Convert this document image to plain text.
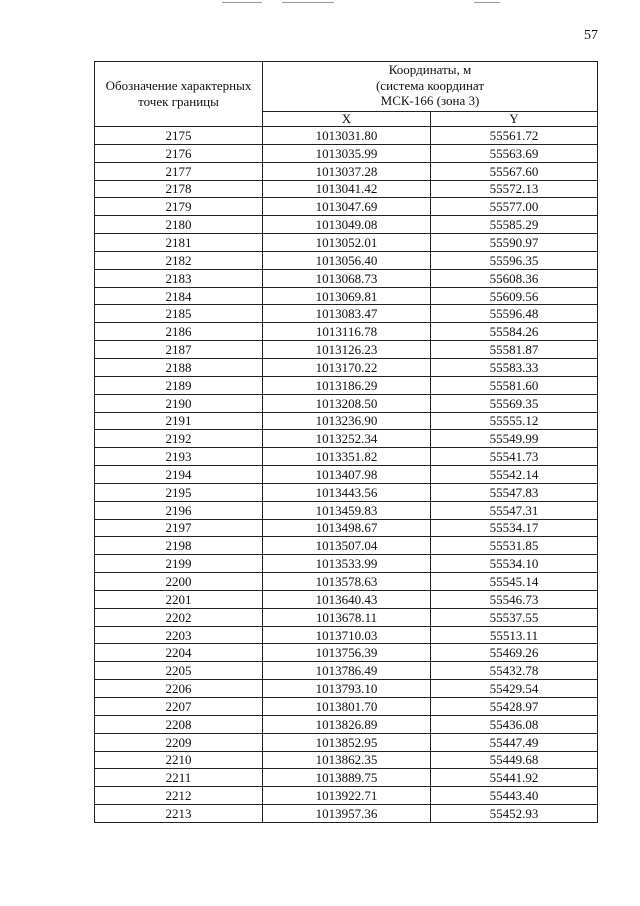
57
Обозначение характерных точек границы	Координаты, м
(система координат
МСК-166 (зона 3)	
	X	Y
2175	1013031.80	55561.72
2176	1013035.99	55563.69
2177	1013037.28	55567.60
2178	1013041.42	55572.13
2179	1013047.69	55577.00
2180	1013049.08	55585.29
2181	1013052.01	55590.97
2182	1013056.40	55596.35
2183	1013068.73	55608.36
2184	1013069.81	55609.56
2185	1013083.47	55596.48
2186	1013116.78	55584.26
2187	1013126.23	55581.87
2188	1013170.22	55583.33
2189	1013186.29	55581.60
2190	1013208.50	55569.35
2191	1013236.90	55555.12
2192	1013252.34	55549.99
2193	1013351.82	55541.73
2194	1013407.98	55542.14
2195	1013443.56	55547.83
2196	1013459.83	55547.31
2197	1013498.67	55534.17
2198	1013507.04	55531.85
2199	1013533.99	55534.10
2200	1013578.63	55545.14
2201	1013640.43	55546.73
2202	1013678.11	55537.55
2203	1013710.03	55513.11
2204	1013756.39	55469.26
2205	1013786.49	55432.78
2206	1013793.10	55429.54
2207	1013801.70	55428.97
2208	1013826.89	55436.08
2209	1013852.95	55447.49
2210	1013862.35	55449.68
2211	1013889.75	55441.92
2212	1013922.71	55443.40
2213	1013957.36	55452.93
